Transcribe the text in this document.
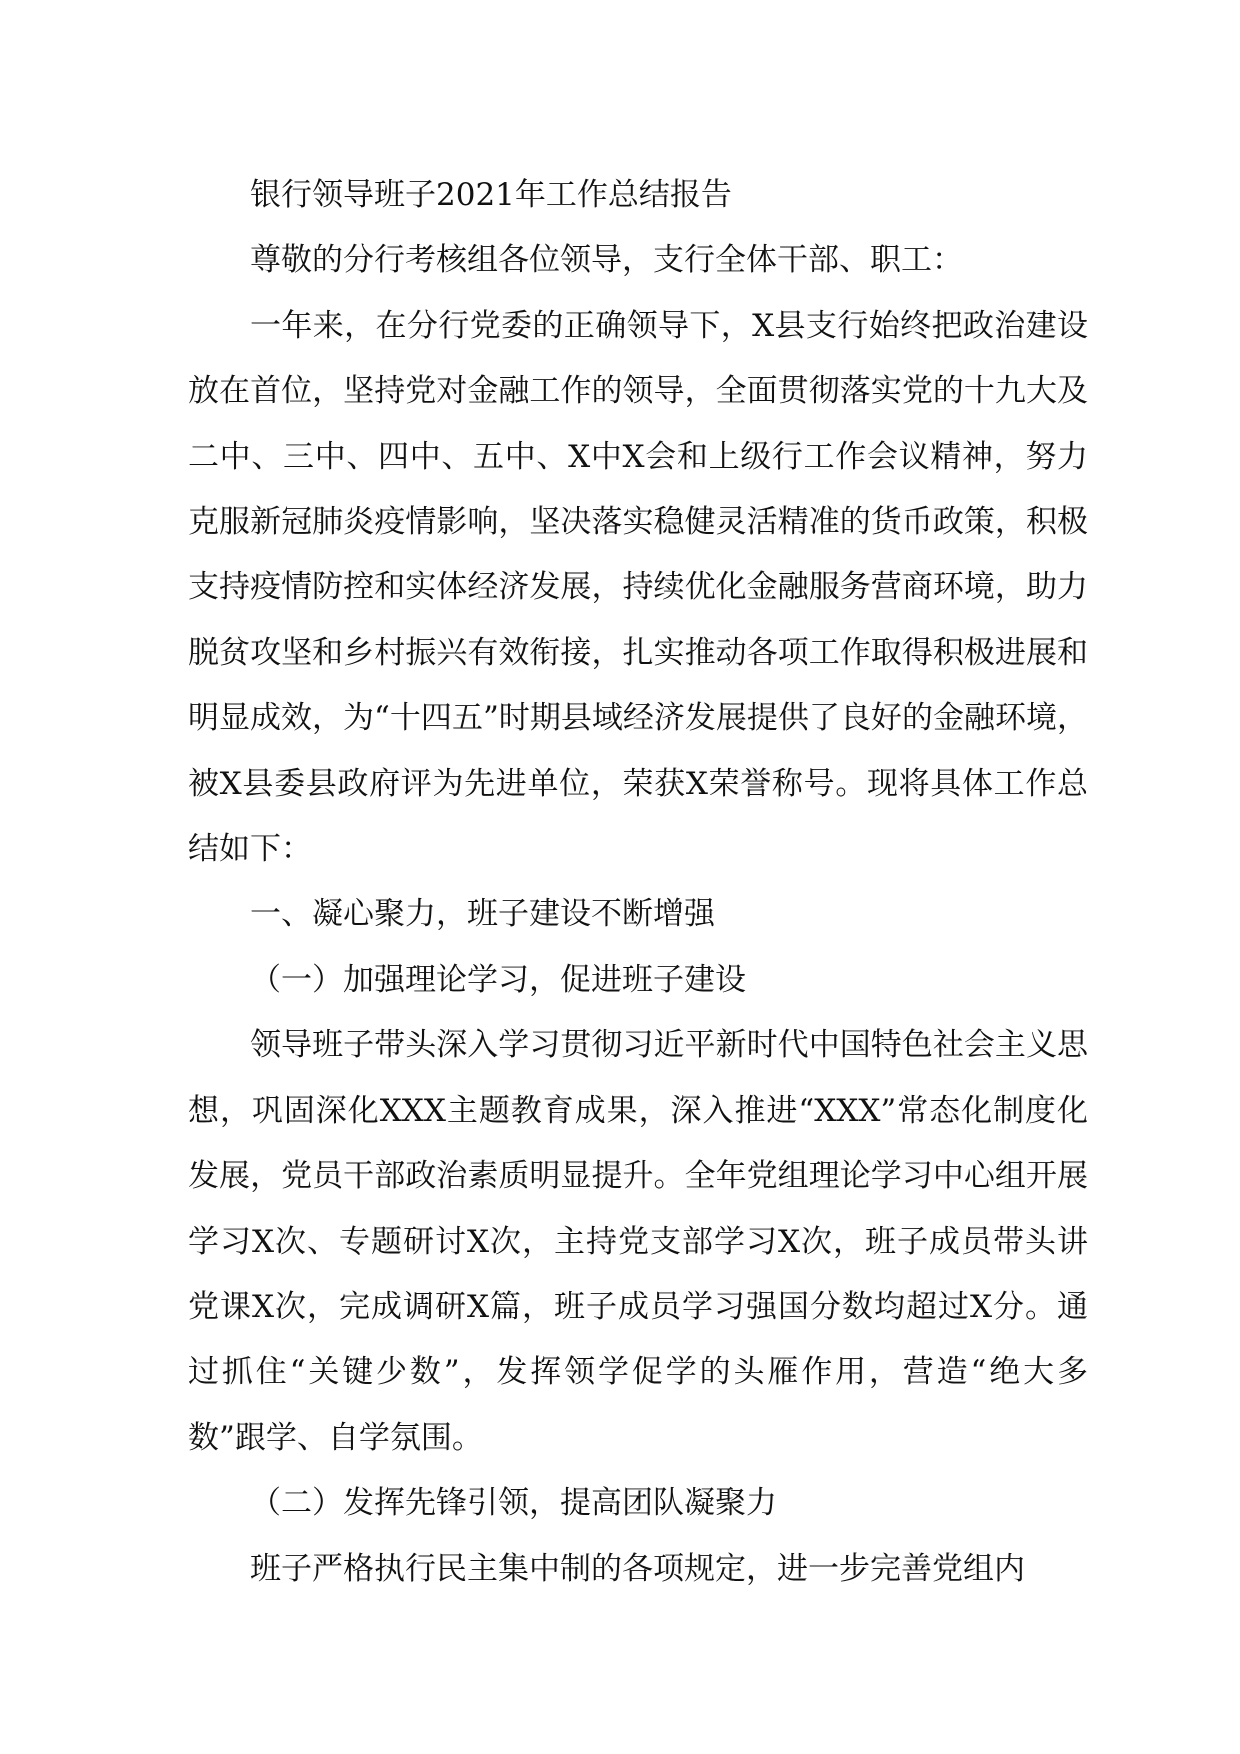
银行领导班子2021年工作总结报告

尊敬的分行考核组各位领导，支行全体干部、职工：

一年来，在分行党委的正确领导下，X县支行始终把政治建设放在首位，坚持党对金融工作的领导，全面贯彻落实党的十九大及二中、三中、四中、五中、X中X会和上级行工作会议精神，努力克服新冠肺炎疫情影响，坚决落实稳健灵活精准的货币政策，积极支持疫情防控和实体经济发展，持续优化金融服务营商环境，助力脱贫攻坚和乡村振兴有效衔接，扎实推动各项工作取得积极进展和明显成效，为“十四五”时期县域经济发展提供了良好的金融环境，被X县委县政府评为先进单位，荣获X荣誉称号。现将具体工作总结如下：

一、凝心聚力，班子建设不断增强

（一）加强理论学习，促进班子建设

领导班子带头深入学习贯彻习近平新时代中国特色社会主义思想，巩固深化XXX主题教育成果，深入推进“XXX”常态化制度化发展，党员干部政治素质明显提升。全年党组理论学习中心组开展学习X次、专题研讨X次，主持党支部学习X次，班子成员带头讲党课X次，完成调研X篇，班子成员学习强国分数均超过X分。通过抓住“关键少数”，发挥领学促学的头雁作用，营造“绝大多数”跟学、自学氛围。

（二）发挥先锋引领，提高团队凝聚力

班子严格执行民主集中制的各项规定，进一步完善党组内
